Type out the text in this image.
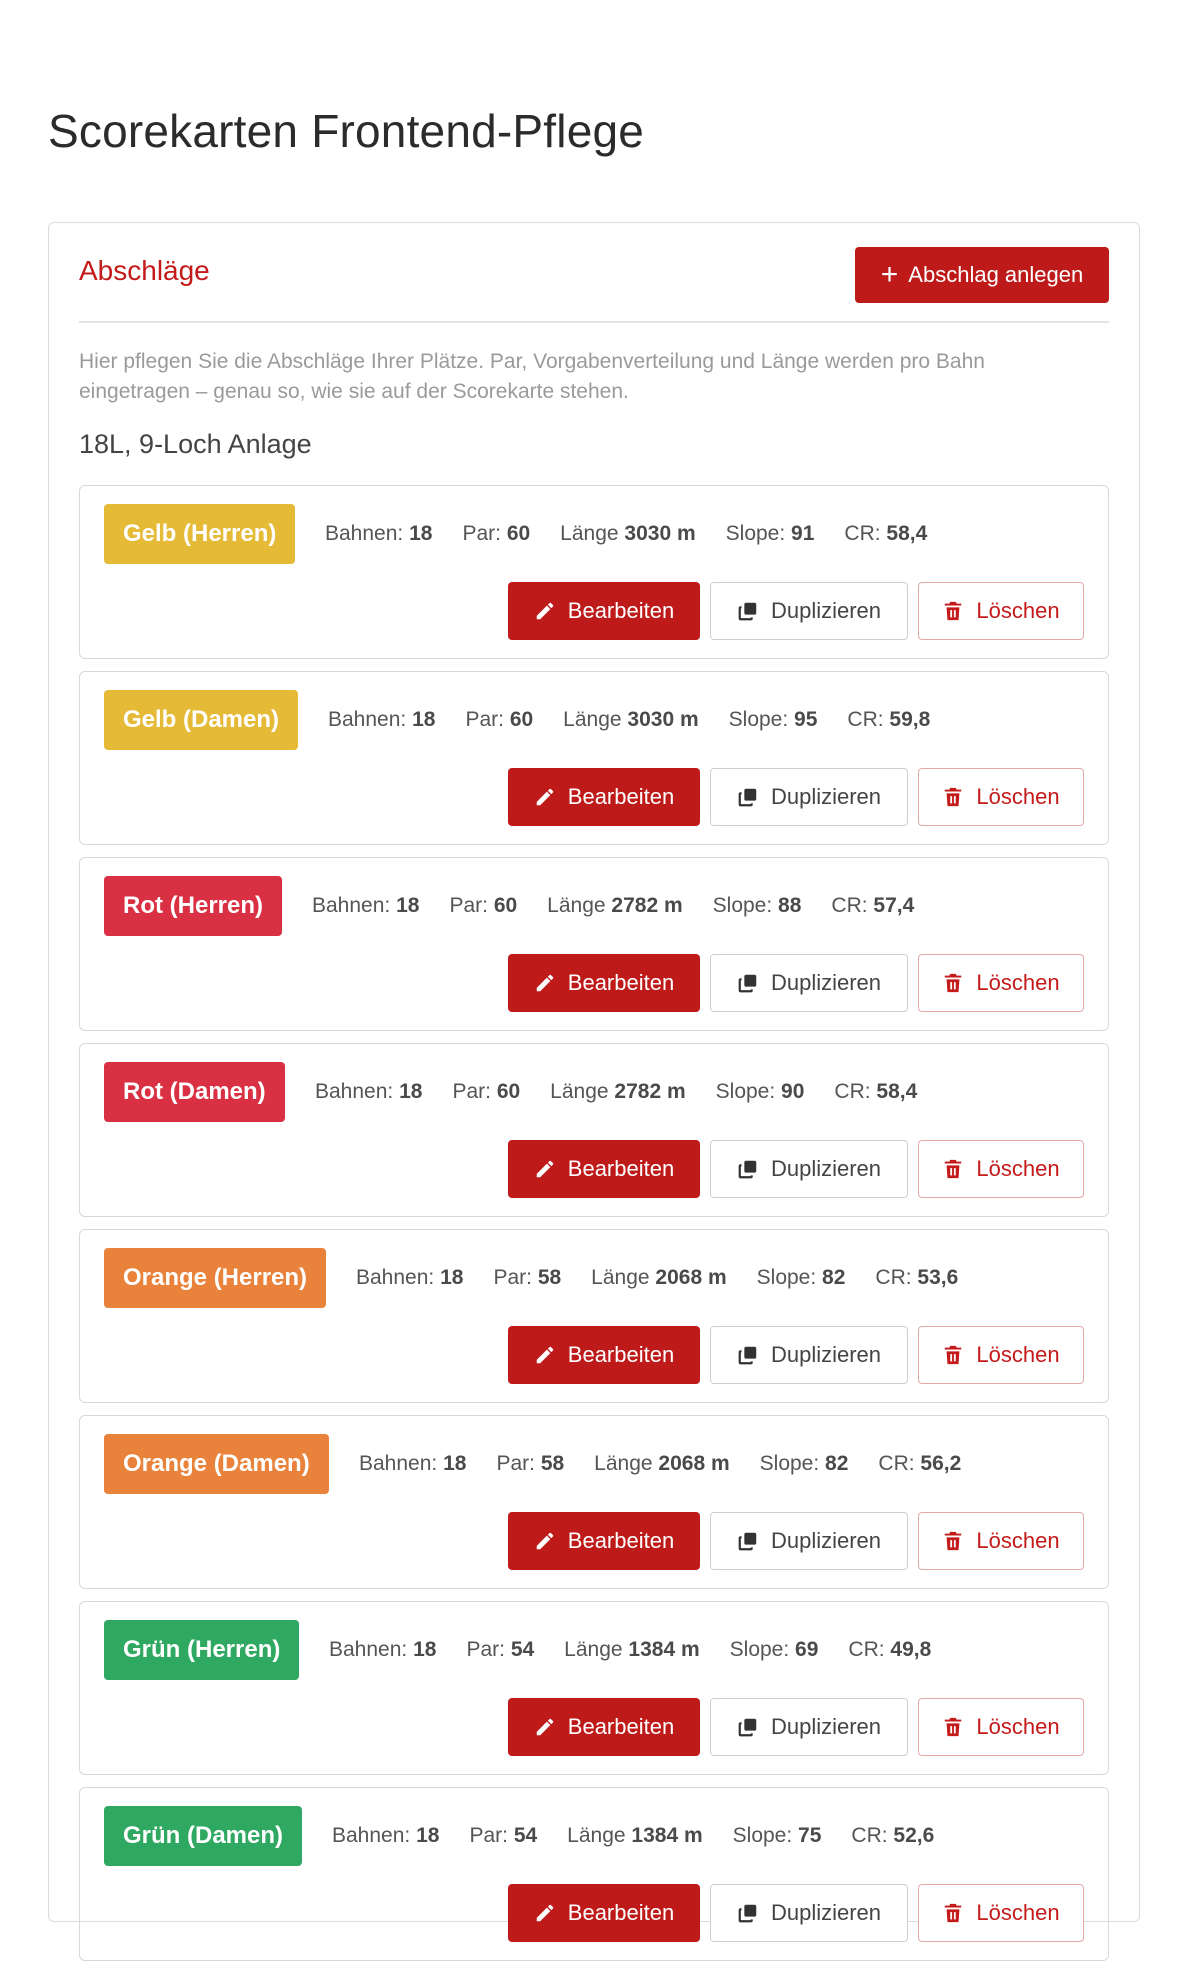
Scorekarten Frontend-Pflege
Abschläge	+ Abschlag anlegen

Hier pflegen Sie die Abschläge Ihrer Plätze. Par, Vorgabenverteilung und Länge werden pro Bahn eingetragen – genau so, wie sie auf der Scorekarte stehen.

18L, 9-Loch Anlage
Gelb (Herren)	Bahnen: 18 Par: 60 Länge 3030 m Slope: 91 CR: 58,4
Bearbeiten	Duplizieren	Löschen
Gelb (Damen)	Bahnen: 18 Par: 60 Länge 3030 m Slope: 95 CR: 59,8
Bearbeiten	Duplizieren	Löschen
Rot (Herren)	Bahnen: 18 Par: 60 Länge 2782 m Slope: 88 CR: 57,4
Bearbeiten	Duplizieren	Löschen
Rot (Damen)	Bahnen: 18 Par: 60 Länge 2782 m Slope: 90 CR: 58,4
Bearbeiten	Duplizieren	Löschen
Orange (Herren)	Bahnen: 18 Par: 58 Länge 2068 m Slope: 82 CR: 53,6
Bearbeiten	Duplizieren	Löschen
Orange (Damen)	Bahnen: 18 Par: 58 Länge 2068 m Slope: 82 CR: 56,2
Bearbeiten	Duplizieren	Löschen
Grün (Herren)	Bahnen: 18 Par: 54 Länge 1384 m Slope: 69 CR: 49,8
Bearbeiten	Duplizieren	Löschen
Grün (Damen)	Bahnen: 18 Par: 54 Länge 1384 m Slope: 75 CR: 52,6
Bearbeiten	Duplizieren	Löschen
